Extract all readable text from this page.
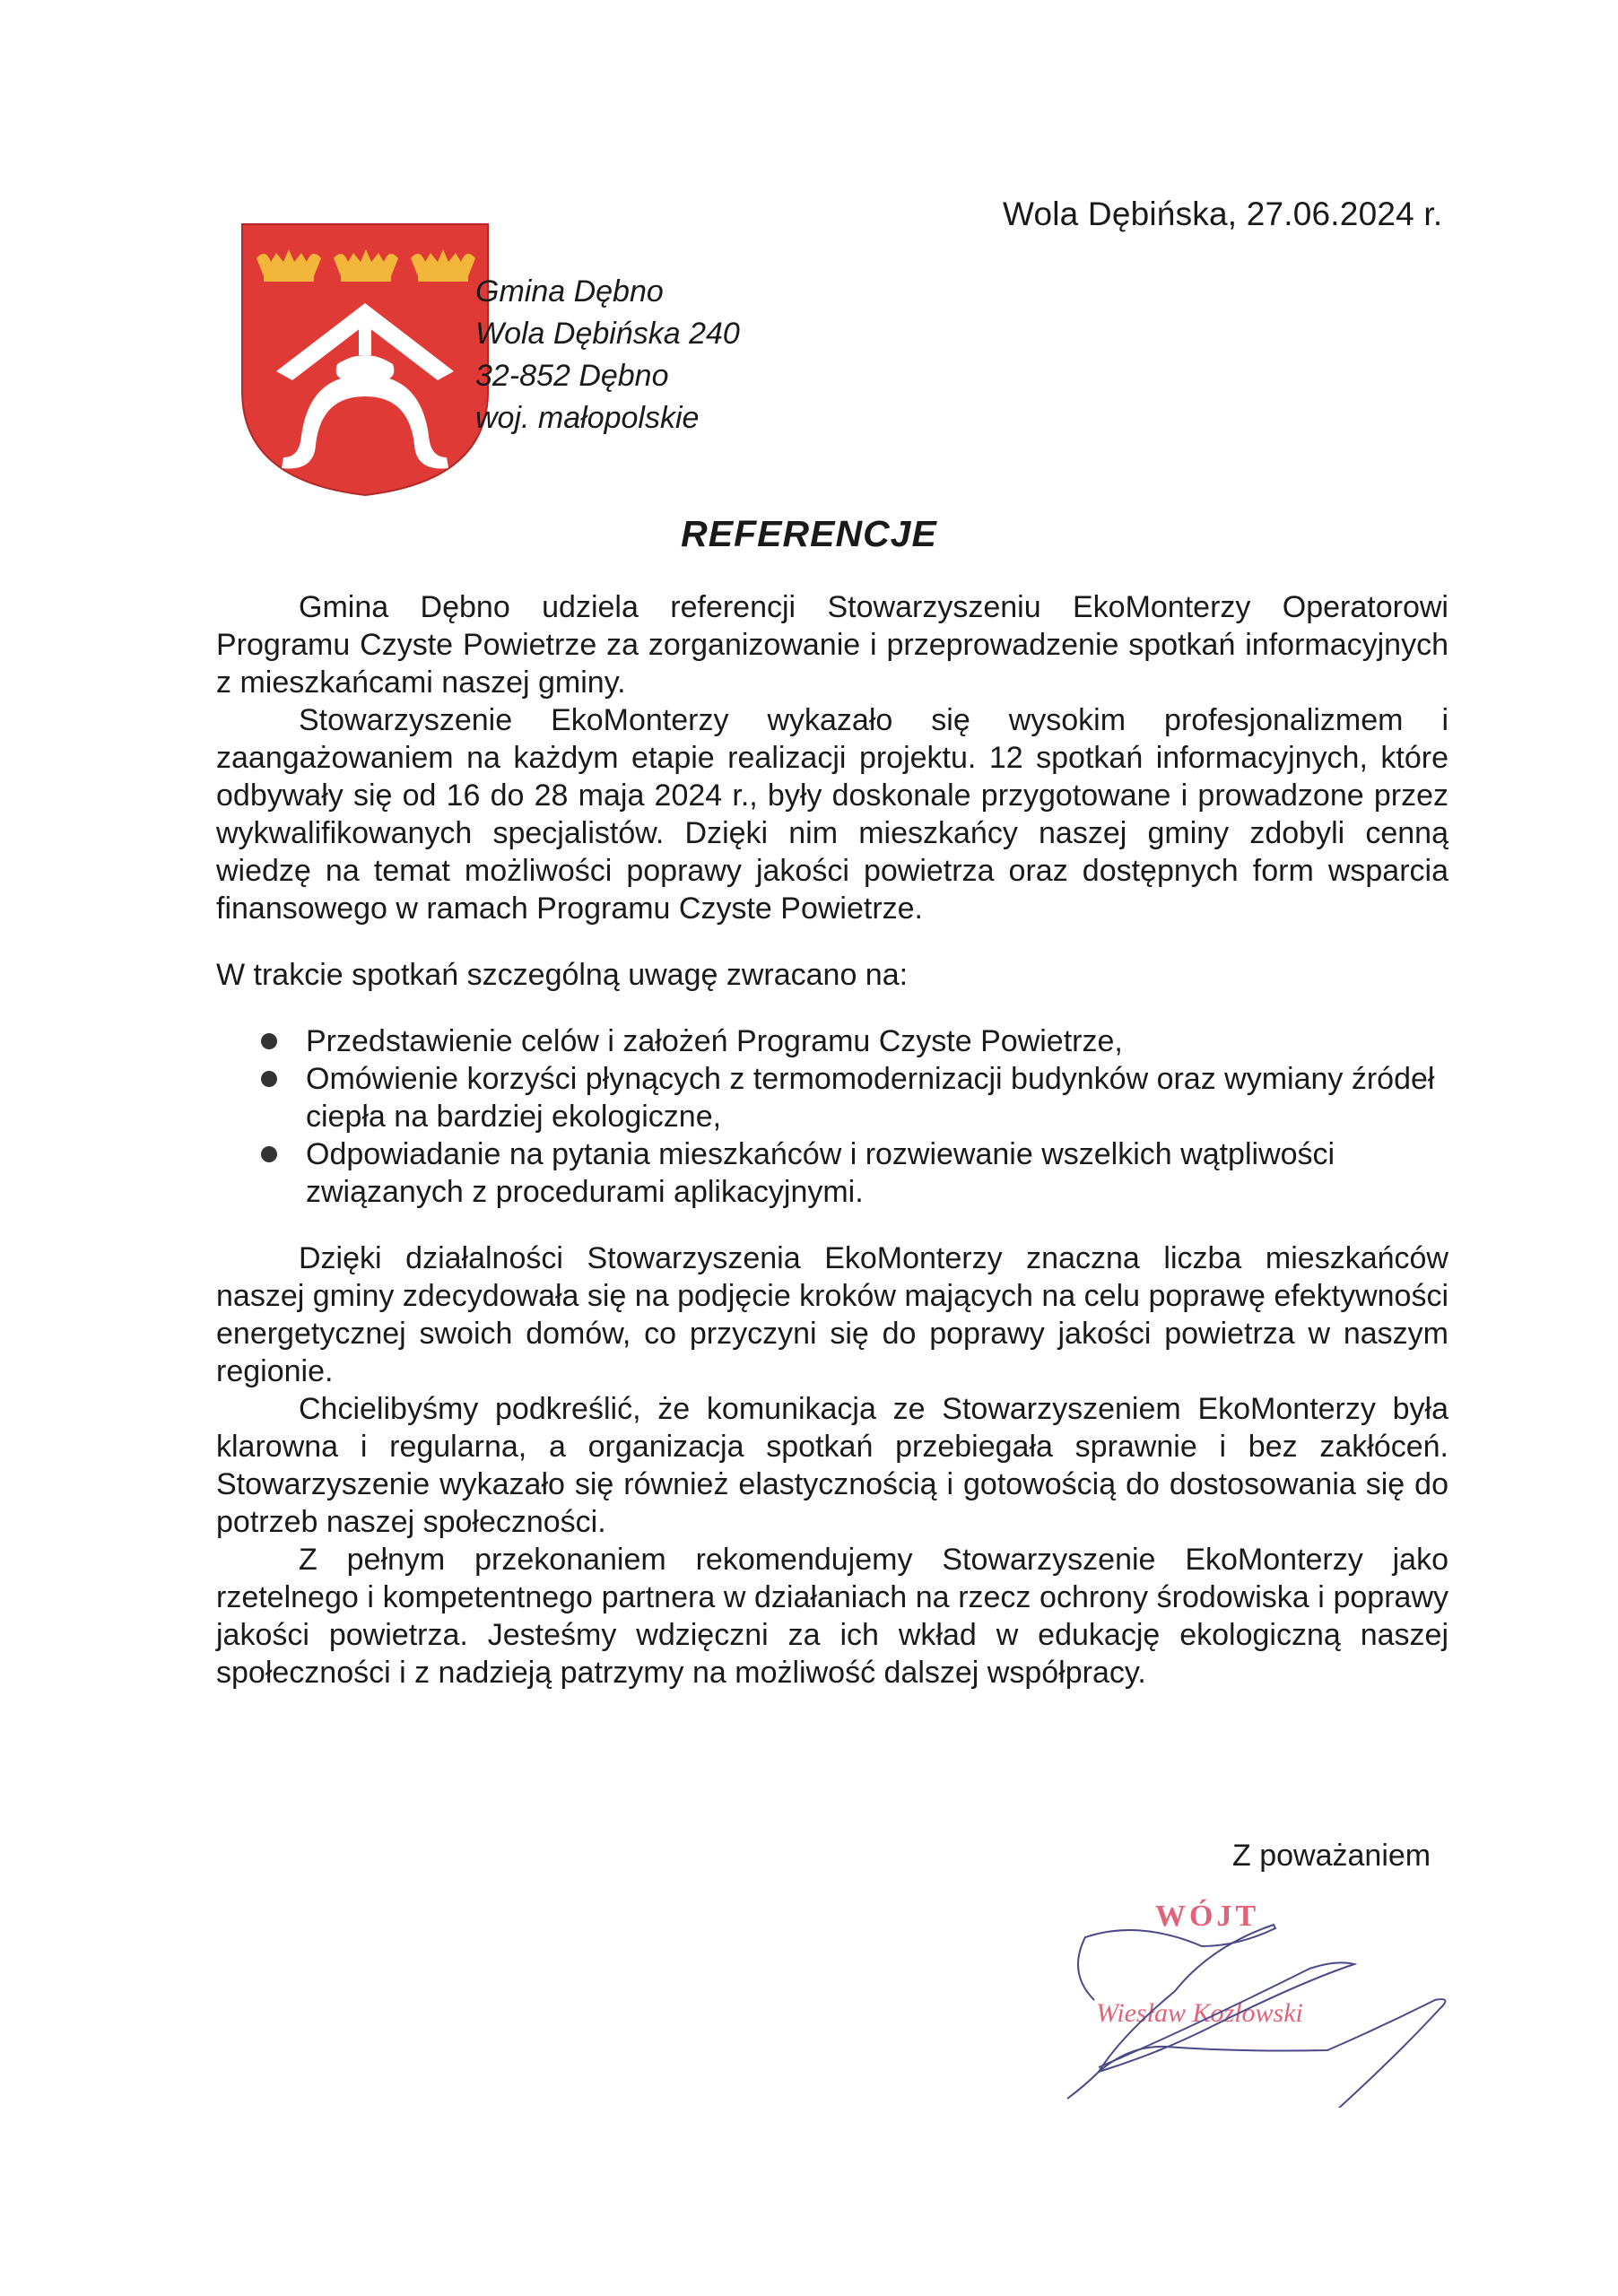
Wola Dębińska, 27.06.2024 r.
Gmina Dębno
Wola Dębińska 240
32-852 Dębno
woj. małopolskie
REFERENCJE

Gmina Dębno udziela referencji Stowarzyszeniu EkoMonterzy Operatorowi Programu Czyste Powietrze za zorganizowanie i przeprowadzenie spotkań informacyjnych z mieszkańcami naszej gminy.

Stowarzyszenie EkoMonterzy wykazało się wysokim profesjonalizmem i zaangażowaniem na każdym etapie realizacji projektu. 12 spotkań informacyjnych, które odbywały się od 16 do 28 maja 2024 r., były doskonale przygotowane i prowadzone przez wykwalifikowanych specjalistów. Dzięki nim mieszkańcy naszej gminy zdobyli cenną wiedzę na temat możliwości poprawy jakości powietrza oraz dostępnych form wsparcia finansowego w ramach Programu Czyste Powietrze.

W trakcie spotkań szczególną uwagę zwracano na:

Przedstawienie celów i założeń Programu Czyste Powietrze,
Omówienie korzyści płynących z termomodernizacji budynków oraz wymiany źródeł ciepła na bardziej ekologiczne,
Odpowiadanie na pytania mieszkańców i rozwiewanie wszelkich wątpliwości związanych z procedurami aplikacyjnymi.

Dzięki działalności Stowarzyszenia EkoMonterzy znaczna liczba mieszkańców naszej gminy zdecydowała się na podjęcie kroków mających na celu poprawę efektywności energetycznej swoich domów, co przyczyni się do poprawy jakości powietrza w naszym regionie.

Chcielibyśmy podkreślić, że komunikacja ze Stowarzyszeniem EkoMonterzy była klarowna i regularna, a organizacja spotkań przebiegała sprawnie i bez zakłóceń. Stowarzyszenie wykazało się również elastycznością i gotowością do dostosowania się do potrzeb naszej społeczności.

Z pełnym przekonaniem rekomendujemy Stowarzyszenie EkoMonterzy jako rzetelnego i kompetentnego partnera w działaniach na rzecz ochrony środowiska i poprawy jakości powietrza. Jesteśmy wdzięczni za ich wkład w edukację ekologiczną naszej społeczności i z nadzieją patrzymy na możliwość dalszej współpracy.

Z poważaniem
WÓJT
Wiesław Kozłowski
